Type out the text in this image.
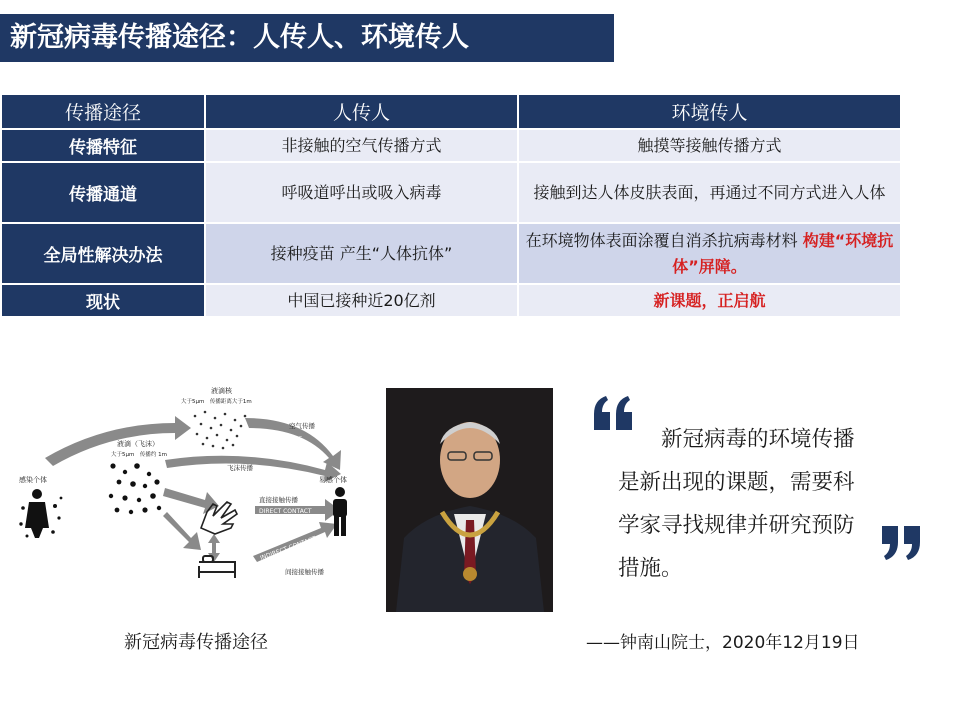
新冠病毒传播途径：人传人、环境传人
传播途径	人传人	环境传人
传播特征	非接触的空气传播方式	触摸等接触传播方式
传播通道	呼吸道呼出或吸入病毒	接触到达人体皮肤表面，再通过不同方式进入人体
全局性解决办法	接种疫苗 产生“人体抗体”	在环境物体表面涂覆自消杀抗病毒材料 构建“环境抗体”屏障。
现状	中国已接种近20亿剂	新课题，正启航
液滴核
大于5μm　传播距离大于1m
空气传播
AIRBORNE
液滴（飞沫）
大于5μm　传播约 1m
飞沫传播
DROPLET
感染个体	易感个体
直接接触传播
DIRECT CONTACT
INDIRECT CONTACT
间接接触传播
新冠病毒传播途径
新冠病毒的环境传播是新出现的课题，需要科学家寻找规律并研究预防 措施。
——钟南山院士，2020年12月19日
